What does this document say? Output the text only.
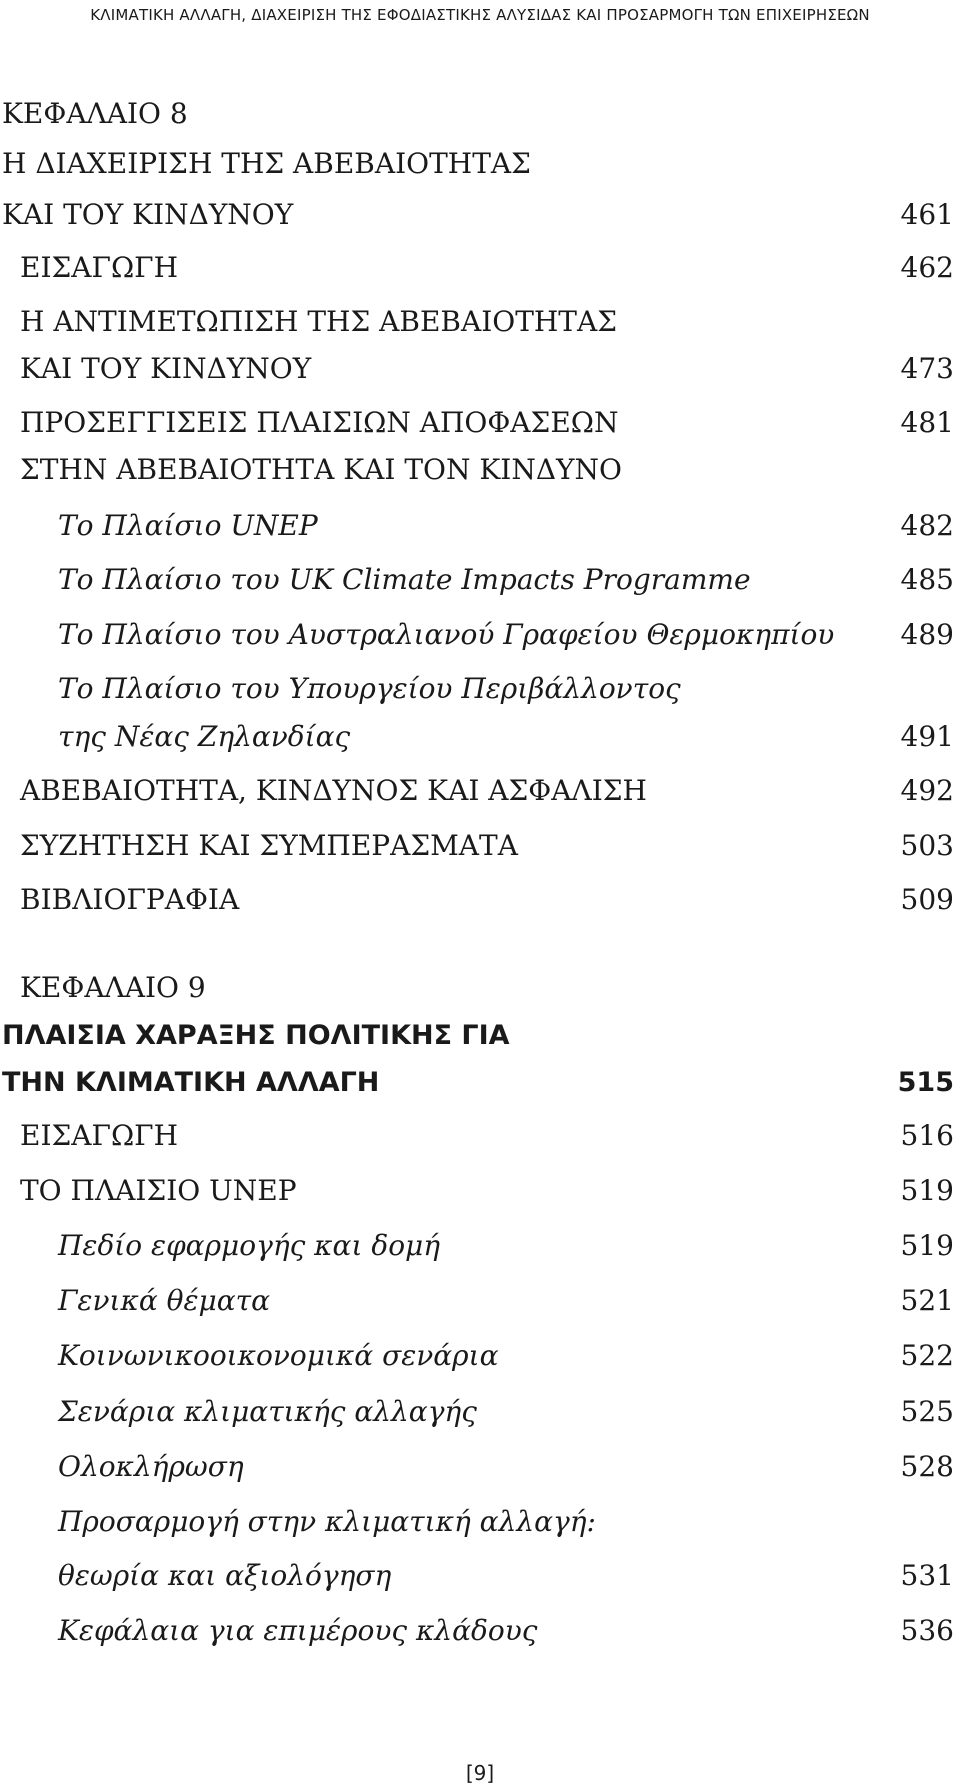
ΚΛΙΜΑΤΙΚΗ ΑΛΛΑΓΗ, ΔΙΑΧΕΙΡΙΣΗ ΤΗΣ ΕΦΟΔΙΑΣΤΙΚΗΣ ΑΛΥΣΙΔΑΣ ΚΑΙ ΠΡΟΣΑΡΜΟΓΗ ΤΩΝ ΕΠΙΧΕΙΡΗΣΕΩΝ
ΚΕΦΑΛΑΙΟ 8
Η ΔΙΑΧΕΙΡΙΣΗ ΤΗΣ ΑΒΕΒΑΙΟΤΗΤΑΣ
ΚΑΙ ΤΟΥ ΚΙΝΔΥΝΟΥ	461
ΕΙΣΑΓΩΓΗ	462
Η ΑΝΤΙΜΕΤΩΠΙΣΗ ΤΗΣ ΑΒΕΒΑΙΟΤΗΤΑΣ
ΚΑΙ ΤΟΥ ΚΙΝΔΥΝΟΥ	473
ΠΡΟΣΕΓΓΙΣΕΙΣ ΠΛΑΙΣΙΩΝ ΑΠΟΦΑΣΕΩΝ	481
ΣΤΗΝ ΑΒΕΒΑΙΟΤΗΤΑ ΚΑΙ ΤΟΝ ΚΙΝΔΥΝΟ
Το Πλαίσιο UNEP	482
Το Πλαίσιο του UK Climate Impacts Programme	485
Το Πλαίσιο του Αυστραλιανού Γραφείου Θερμοκηπίου 489
Το Πλαίσιο του Υπουργείου Περιβάλλοντος
της Νέας Ζηλανδίας	491
ΑΒΕΒΑΙΟΤΗΤΑ, ΚΙΝΔΥΝΟΣ ΚΑΙ ΑΣΦΑΛΙΣΗ	492
ΣΥΖΗΤΗΣΗ ΚΑΙ ΣΥΜΠΕΡΑΣΜΑΤΑ	503
ΒΙΒΛΙΟΓΡΑΦΙΑ	509
ΚΕΦΑΛΑΙΟ 9
ΠΛΑΙΣΙΑ ΧΑΡΑΞΗΣ ΠΟΛΙΤΙΚΗΣ ΓΙΑ
ΤΗΝ ΚΛΙΜΑΤΙΚΗ ΑΛΛΑΓΗ	515
ΕΙΣΑΓΩΓΗ	516
ΤΟ ΠΛΑΙΣΙΟ UNEP	519
Πεδίο εφαρμογής και δομή	519
Γενικά θέματα	521
Κοινωνικοοικονομικά σενάρια	522
Σενάρια κλιματικής αλλαγής	525
Ολοκλήρωση	528
Προσαρμογή στην κλιματική αλλαγή:
θεωρία και αξιολόγηση	531
Κεφάλαια για επιμέρους κλάδους	536
[9]
